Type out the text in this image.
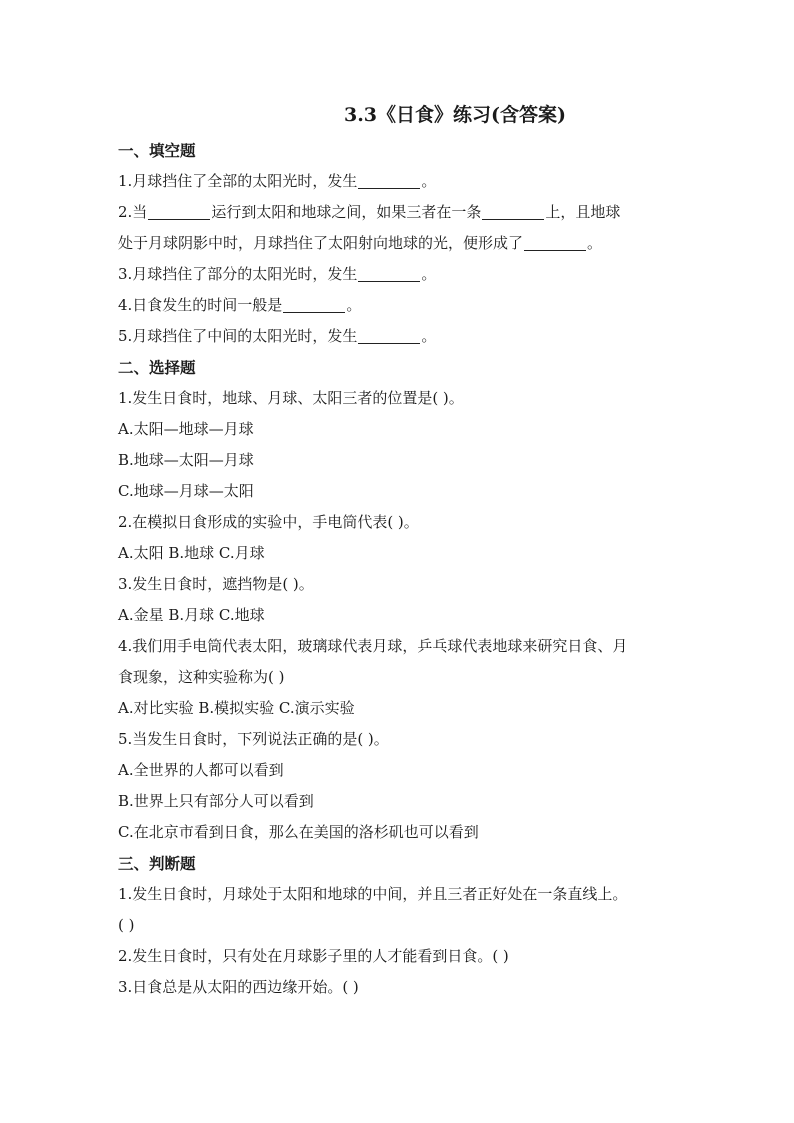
3.3《日食》练习(含答案)
一、填空题
1.月球挡住了全部的太阳光时，发生	。
2.当	运行到太阳和地球之间，如果三者在一条	上，且地球
处于月球阴影中时，月球挡住了太阳射向地球的光，便形成了	。
3.月球挡住了部分的太阳光时，发生	。
4.日食发生的时间一般是	。
5.月球挡住了中间的太阳光时，发生	。
二、选择题
1.发生日食时，地球、月球、太阳三者的位置是( )。
A.太阳—地球—月球
B.地球—太阳—月球
C.地球—月球—太阳
2.在模拟日食形成的实验中，手电筒代表( )。
A.太阳 B.地球 C.月球
3.发生日食时，遮挡物是( )。
A.金星 B.月球 C.地球
4.我们用手电筒代表太阳，玻璃球代表月球，乒乓球代表地球来研究日食、月
食现象，这种实验称为( )
A.对比实验 B.模拟实验 C.演示实验
5.当发生日食时，下列说法正确的是( )。
A.全世界的人都可以看到
B.世界上只有部分人可以看到
C.在北京市看到日食，那么在美国的洛杉矶也可以看到
三、判断题
1.发生日食时，月球处于太阳和地球的中间，并且三者正好处在一条直线上。
( )
2.发生日食时，只有处在月球影子里的人才能看到日食。( )
3.日食总是从太阳的西边缘开始。( )
